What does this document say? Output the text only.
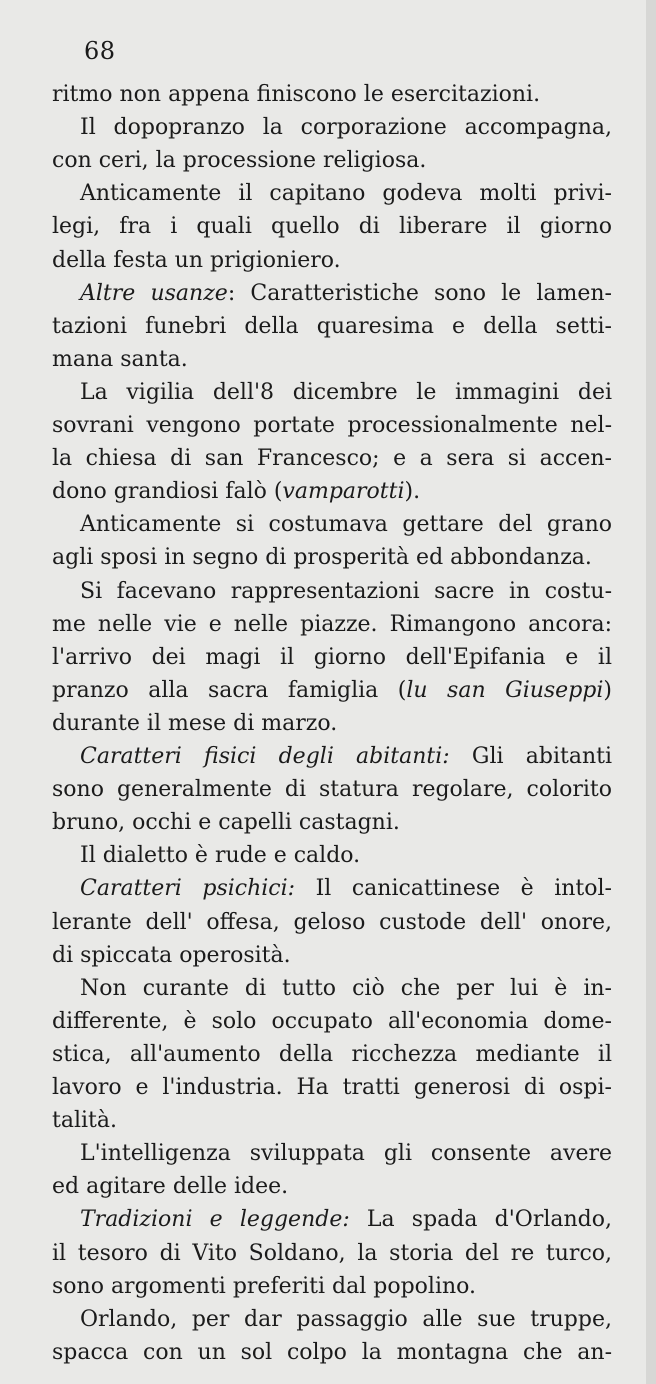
68
ritmo non appena finiscono le esercitazioni.
Il dopopranzo la corporazione accompagna,
con ceri, la processione religiosa.
Anticamente il capitano godeva molti privi-
legi, fra i quali quello di liberare il giorno
della festa un prigioniero.
Altre usanze: Caratteristiche sono le lamen-
tazioni funebri della quaresima e della setti-
mana santa.
La vigilia dell'8 dicembre le immagini dei
sovrani vengono portate processionalmente nel-
la chiesa di san Francesco; e a sera si accen-
dono grandiosi falò (vamparotti).
Anticamente si costumava gettare del grano
agli sposi in segno di prosperità ed abbondanza.
Si facevano rappresentazioni sacre in costu-
me nelle vie e nelle piazze. Rimangono ancora:
l'arrivo dei magi il giorno dell'Epifania e il
pranzo alla sacra famiglia (lu san Giuseppi)
durante il mese di marzo.
Caratteri fisici degli abitanti: Gli abitanti
sono generalmente di statura regolare, colorito
bruno, occhi e capelli castagni.
Il dialetto è rude e caldo.
Caratteri psichici: Il canicattinese è intol-
lerante dell' offesa, geloso custode dell' onore,
di spiccata operosità.
Non curante di tutto ciò che per lui è in-
differente, è solo occupato all'economia dome-
stica, all'aumento della ricchezza mediante il
lavoro e l'industria. Ha tratti generosi di ospi-
talità.
L'intelligenza sviluppata gli consente avere
ed agitare delle idee.
Tradizioni e leggende: La spada d'Orlando,
il tesoro di Vito Soldano, la storia del re turco,
sono argomenti preferiti dal popolino.
Orlando, per dar passaggio alle sue truppe,
spacca con un sol colpo la montagna che an-
